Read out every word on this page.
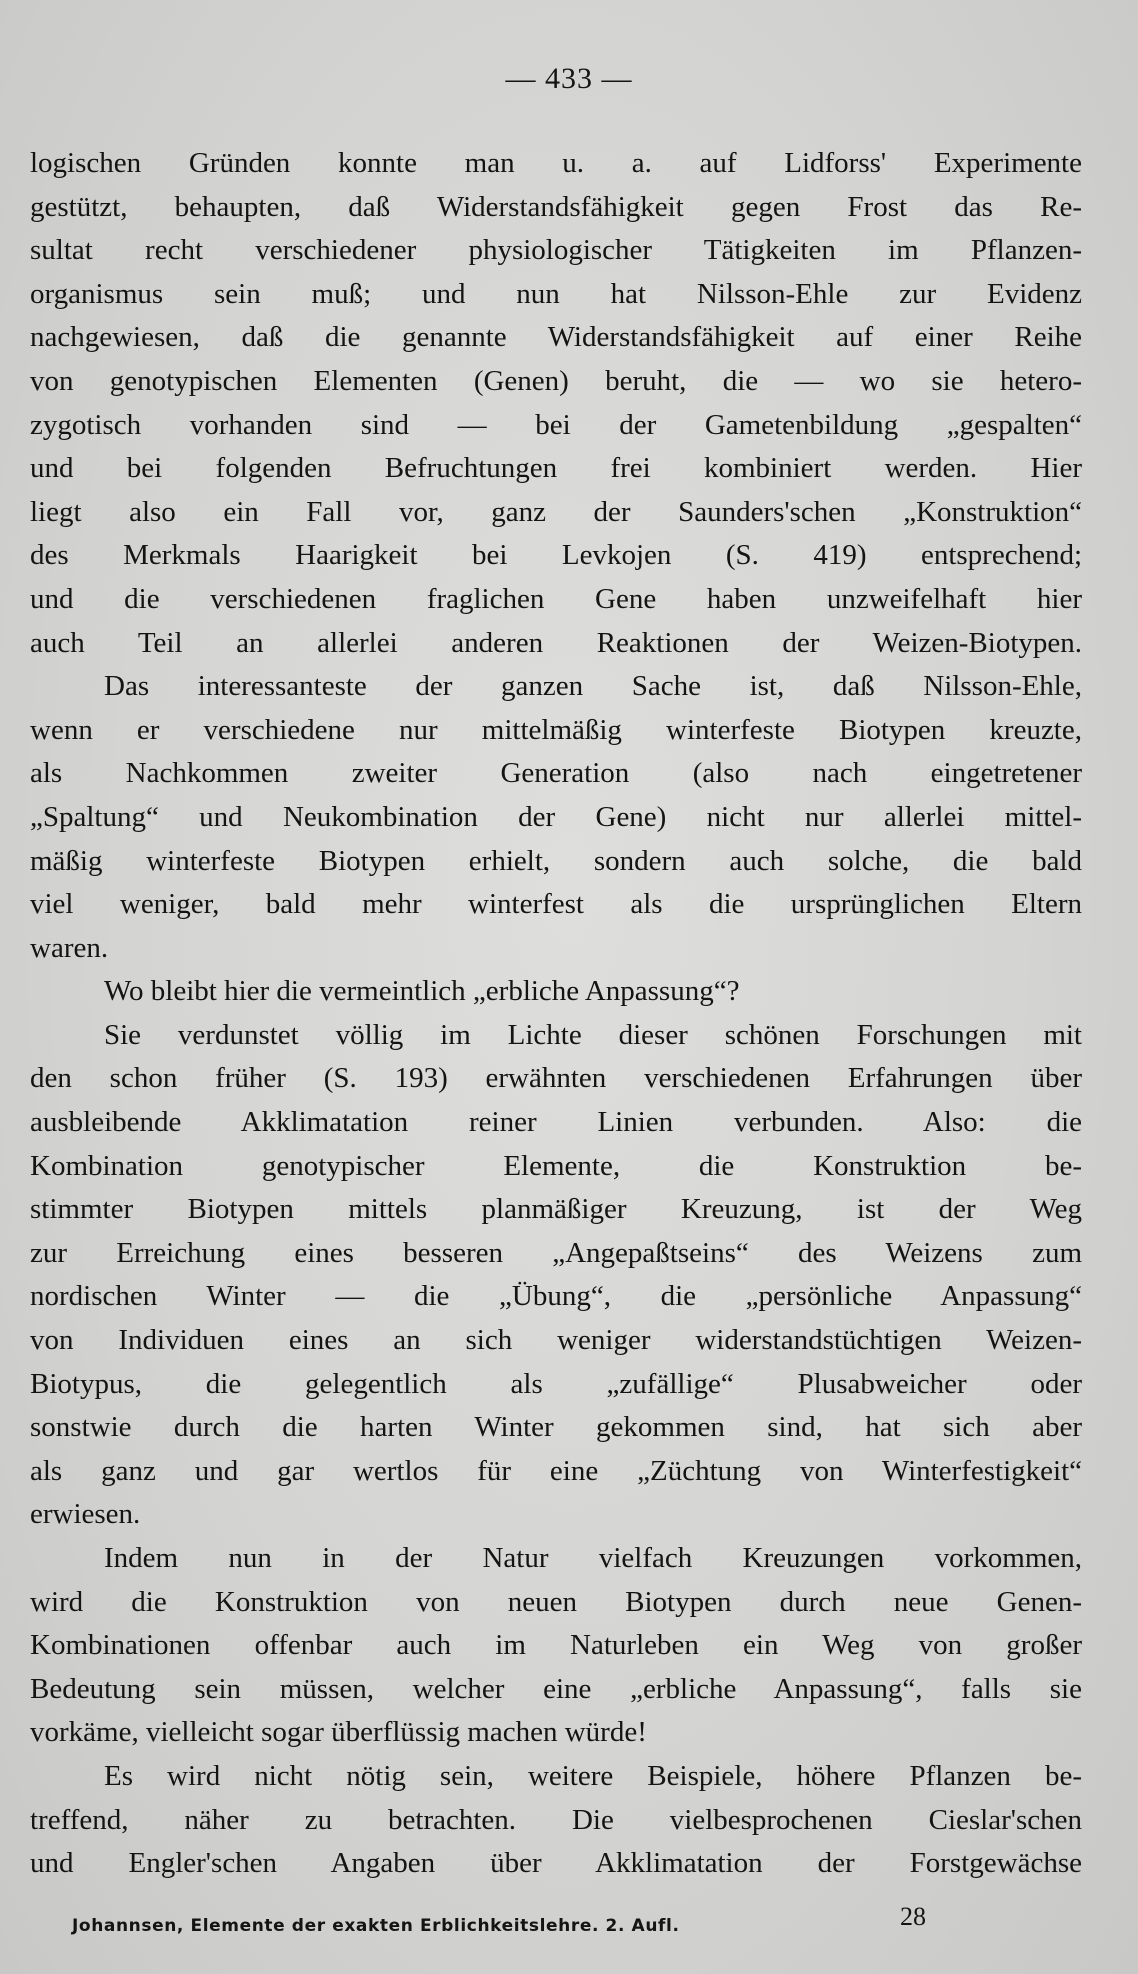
— 433 —
logischen Gründen konnte man u. a. auf Lidforss' Experimente
gestützt, behaupten, daß Widerstandsfähigkeit gegen Frost das Re-
sultat recht verschiedener physiologischer Tätigkeiten im Pflanzen-
organismus sein muß; und nun hat Nilsson-Ehle zur Evidenz
nachgewiesen, daß die genannte Widerstandsfähigkeit auf einer Reihe
von genotypischen Elementen (Genen) beruht, die — wo sie hetero-
zygotisch vorhanden sind — bei der Gametenbildung „gespalten“
und bei folgenden Befruchtungen frei kombiniert werden. Hier
liegt also ein Fall vor, ganz der Saunders'schen „Konstruktion“
des Merkmals Haarigkeit bei Levkojen (S. 419) entsprechend;
und die verschiedenen fraglichen Gene haben unzweifelhaft hier
auch Teil an allerlei anderen Reaktionen der Weizen-Biotypen.
Das interessanteste der ganzen Sache ist, daß Nilsson-Ehle,
wenn er verschiedene nur mittelmäßig winterfeste Biotypen kreuzte,
als Nachkommen zweiter Generation (also nach eingetretener
„Spaltung“ und Neukombination der Gene) nicht nur allerlei mittel-
mäßig winterfeste Biotypen erhielt, sondern auch solche, die bald
viel weniger, bald mehr winterfest als die ursprünglichen Eltern
waren.
Wo bleibt hier die vermeintlich „erbliche Anpassung“?
Sie verdunstet völlig im Lichte dieser schönen Forschungen mit
den schon früher (S. 193) erwähnten verschiedenen Erfahrungen über
ausbleibende Akklimatation reiner Linien verbunden. Also: die
Kombination genotypischer Elemente, die Konstruktion be-
stimmter Biotypen mittels planmäßiger Kreuzung, ist der Weg
zur Erreichung eines besseren „Angepaßtseins“ des Weizens zum
nordischen Winter — die „Übung“, die „persönliche Anpassung“
von Individuen eines an sich weniger widerstandstüchtigen Weizen-
Biotypus, die gelegentlich als „zufällige“ Plusabweicher oder
sonstwie durch die harten Winter gekommen sind, hat sich aber
als ganz und gar wertlos für eine „Züchtung von Winterfestigkeit“
erwiesen.
Indem nun in der Natur vielfach Kreuzungen vorkommen,
wird die Konstruktion von neuen Biotypen durch neue Genen-
Kombinationen offenbar auch im Naturleben ein Weg von großer
Bedeutung sein müssen, welcher eine „erbliche Anpassung“, falls sie
vorkäme, vielleicht sogar überflüssig machen würde!
Es wird nicht nötig sein, weitere Beispiele, höhere Pflanzen be-
treffend, näher zu betrachten. Die vielbesprochenen Cieslar'schen
und Engler'schen Angaben über Akklimatation der Forstgewächse
Johannsen, Elemente der exakten Erblichkeitslehre. 2. Aufl.	28
